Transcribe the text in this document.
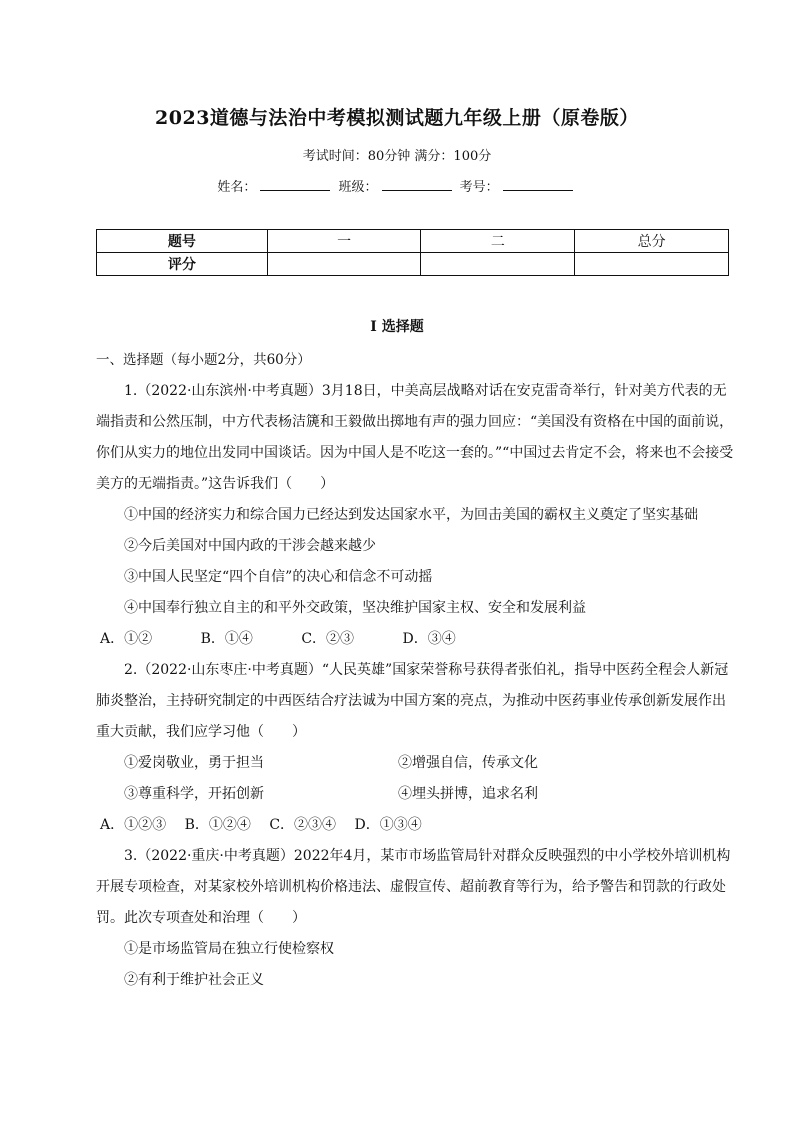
2023道德与法治中考模拟测试题九年级上册（原卷版）
考试时间：80分钟 满分：100分
姓名：	班级：	考号：
题号	一	二	总分
评分			
I 选择题
一、选择题（每小题2分，共60分）

1.（2022·山东滨州·中考真题）3月18日，中美高层战略对话在安克雷奇举行，针对美方代表的无端指责和公然压制，中方代表杨洁篪和王毅做出掷地有声的强力回应：“美国没有资格在中国的面前说，你们从实力的地位出发同中国谈话。因为中国人是不吃这一套的。”“中国过去肯定不会，将来也不会接受美方的无端指责。”这告诉我们（　　）

①中国的经济实力和综合国力已经达到发达国家水平，为回击美国的霸权主义奠定了坚实基础

②今后美国对中国内政的干涉会越来越少

③中国人民坚定“四个自信”的决心和信念不可动摇

④中国奉行独立自主的和平外交政策，坚决维护国家主权、安全和发展利益

A．①②	B．①④	C．②③	D．③④

2.（2022·山东枣庄·中考真题）“人民英雄”国家荣誉称号获得者张伯礼，指导中医药全程会人新冠肺炎整治，主持研究制定的中西医结合疗法诚为中国方案的亮点，为推动中医药事业传承创新发展作出重大贡献，我们应学习他（　　）

①爱岗敬业，勇于担当	②增强自信，传承文化
③尊重科学，开拓创新	④埋头拼博，追求名利

A．①②③ B．①②④ C．②③④ D．①③④

3.（2022·重庆·中考真题）2022年4月，某市市场监管局针对群众反映强烈的中小学校外培训机构开展专项检查，对某家校外培训机构价格违法、虚假宣传、超前教育等行为，给予警告和罚款的行政处罚。此次专项查处和治理（　　）

①是市场监管局在独立行使检察权

②有利于维护社会正义
